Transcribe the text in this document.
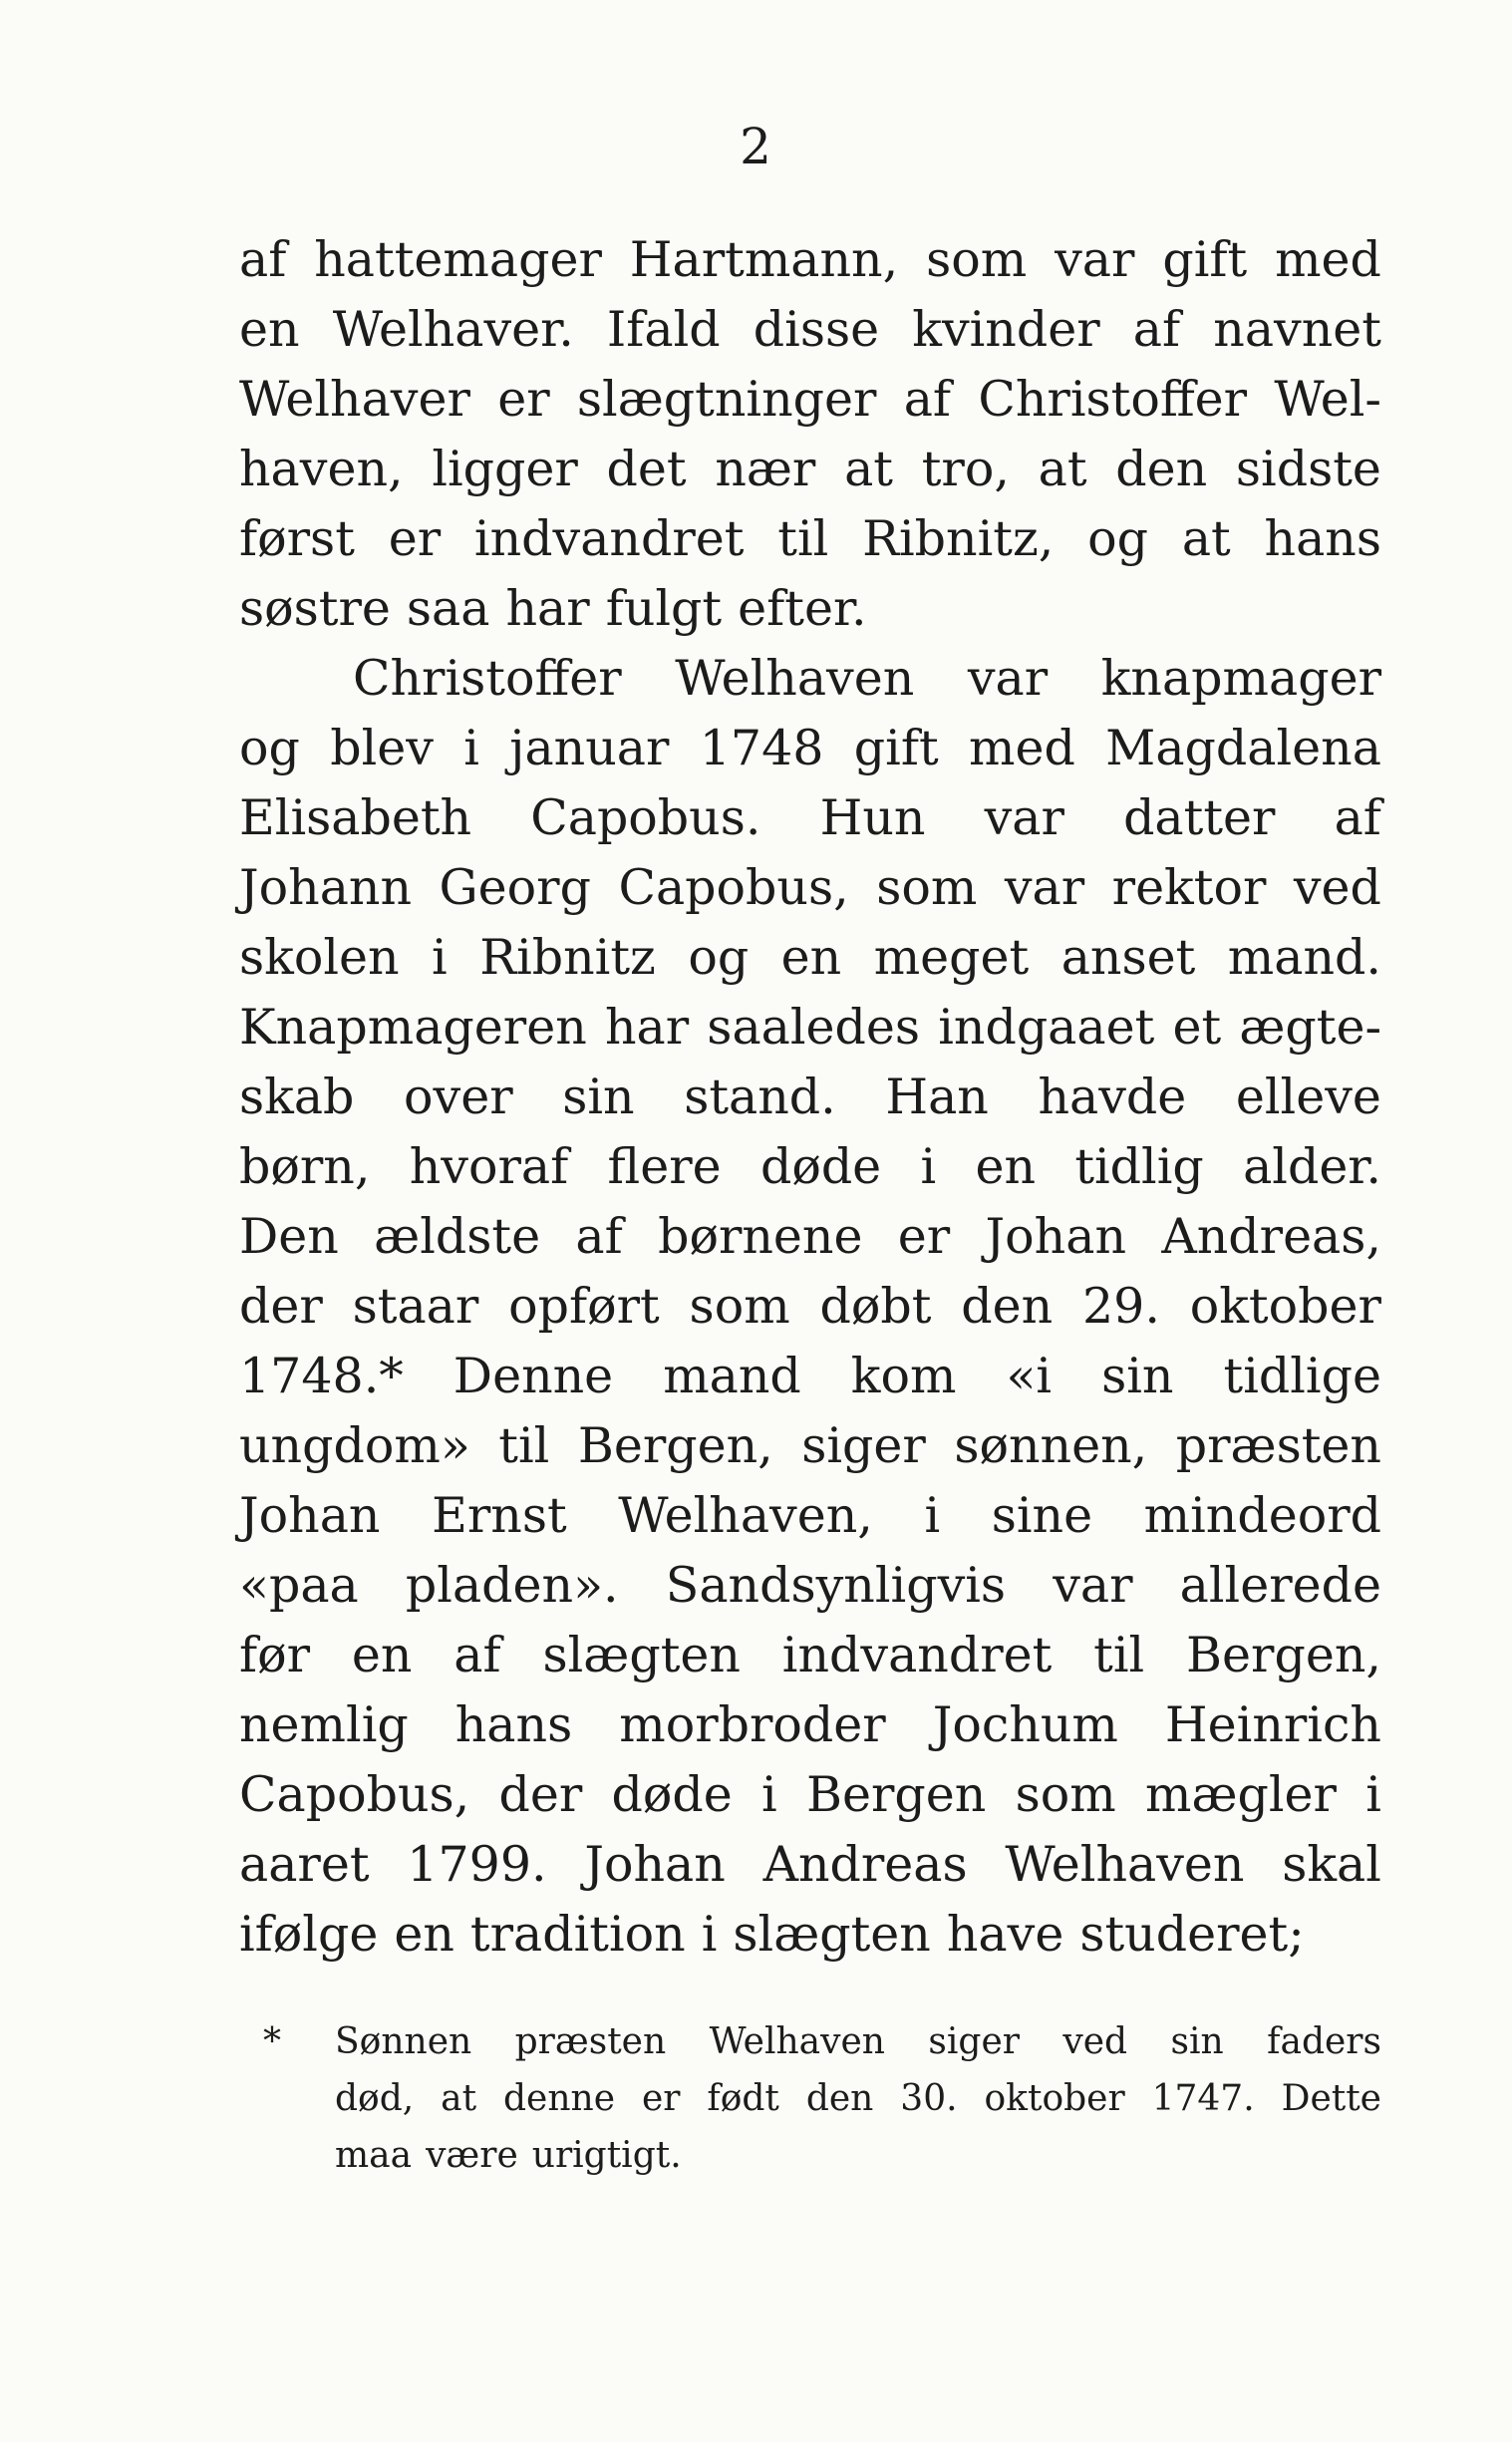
2
af hattemager Hartmann, som var gift med
en Welhaver. Ifald disse kvinder af navnet
Welhaver er slægtninger af Christoffer Wel-
haven, ligger det nær at tro, at den sidste
først er indvandret til Ribnitz, og at hans
søstre saa har fulgt efter.
Christoffer Welhaven var knapmager
og blev i januar 1748 gift med Magdalena
Elisabeth Capobus. Hun var datter af
Johann Georg Capobus, som var rektor ved
skolen i Ribnitz og en meget anset mand.
Knapmageren har saaledes indgaaet et ægte-
skab over sin stand. Han havde elleve
børn, hvoraf flere døde i en tidlig alder.
Den ældste af børnene er Johan Andreas,
der staar opført som døbt den 29. oktober
1748.* Denne mand kom «i sin tidlige
ungdom» til Bergen, siger sønnen, præsten
Johan Ernst Welhaven, i sine mindeord
«paa pladen». Sandsynligvis var allerede
før en af slægten indvandret til Bergen,
nemlig hans morbroder Jochum Heinrich
Capobus, der døde i Bergen som mægler i
aaret 1799. Johan Andreas Welhaven skal
ifølge en tradition i slægten have studeret;
* Sønnen præsten Welhaven siger ved sin faders
død, at denne er født den 30. oktober 1747. Dette
maa være urigtigt.
